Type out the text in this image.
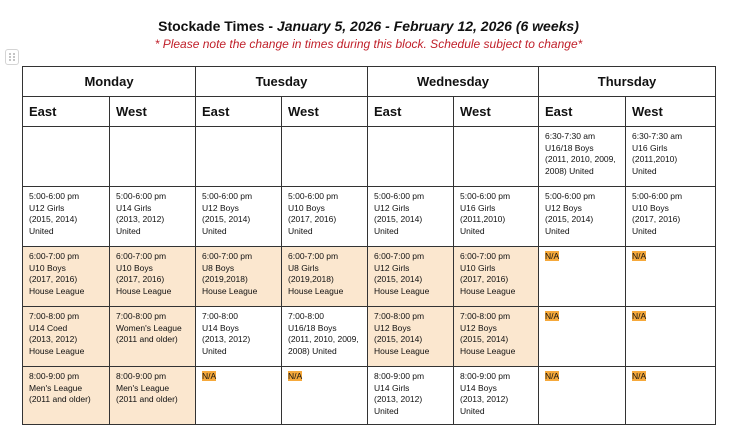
Stockade Times - January 5, 2026 - February 12, 2026 (6 weeks)
* Please note the change in times during this block. Schedule subject to change*
Monday		Tuesday		Wednesday		Thursday	
East	West	East	West	East	West	East	West

						6:30-7:30 am
U16/18 Boys
(2011, 2010, 2009,
2008) United	6:30-7:30 am
U16 Girls
(2011,2010)
United

5:00-6:00 pm
U12 Girls
(2015, 2014)
United	5:00-6:00 pm
U14 Girls
(2013, 2012)
United	5:00-6:00 pm
U12 Boys
(2015, 2014)
United	5:00-6:00 pm
U10 Boys
(2017, 2016)
United	5:00-6:00 pm
U12 Girls
(2015, 2014)
United	5:00-6:00 pm
U16 Girls
(2011,2010)
United	5:00-6:00 pm
U12 Boys
(2015, 2014)
United	5:00-6:00 pm
U10 Boys
(2017, 2016)
United

6:00-7:00 pm
U10 Boys
(2017, 2016)
House League	6:00-7:00 pm
U10 Boys
(2017, 2016)
House League	6:00-7:00 pm
U8 Boys
(2019,2018)
House League	6:00-7:00 pm
U8 Girls
(2019,2018)
House League	6:00-7:00 pm
U12 Girls
(2015, 2014)
House League	6:00-7:00 pm
U10 Girls
(2017, 2016)
House League	N/A	N/A

7:00-8:00 pm
U14 Coed
(2013, 2012)
House League	7:00-8:00 pm
Women's League
(2011 and older)	7:00-8:00
U14 Boys
(2013, 2012)
United	7:00-8:00
U16/18 Boys
(2011, 2010, 2009,
2008) United	7:00-8:00 pm
U12 Boys
(2015, 2014)
House League	7:00-8:00 pm
U12 Boys
(2015, 2014)
House League	N/A	N/A

8:00-9:00 pm
Men's League
(2011 and older)	8:00-9:00 pm
Men's League
(2011 and older)	N/A	N/A	8:00-9:00 pm
U14 Girls
(2013, 2012)
United	8:00-9:00 pm
U14 Boys
(2013, 2012)
United	N/A	N/A
